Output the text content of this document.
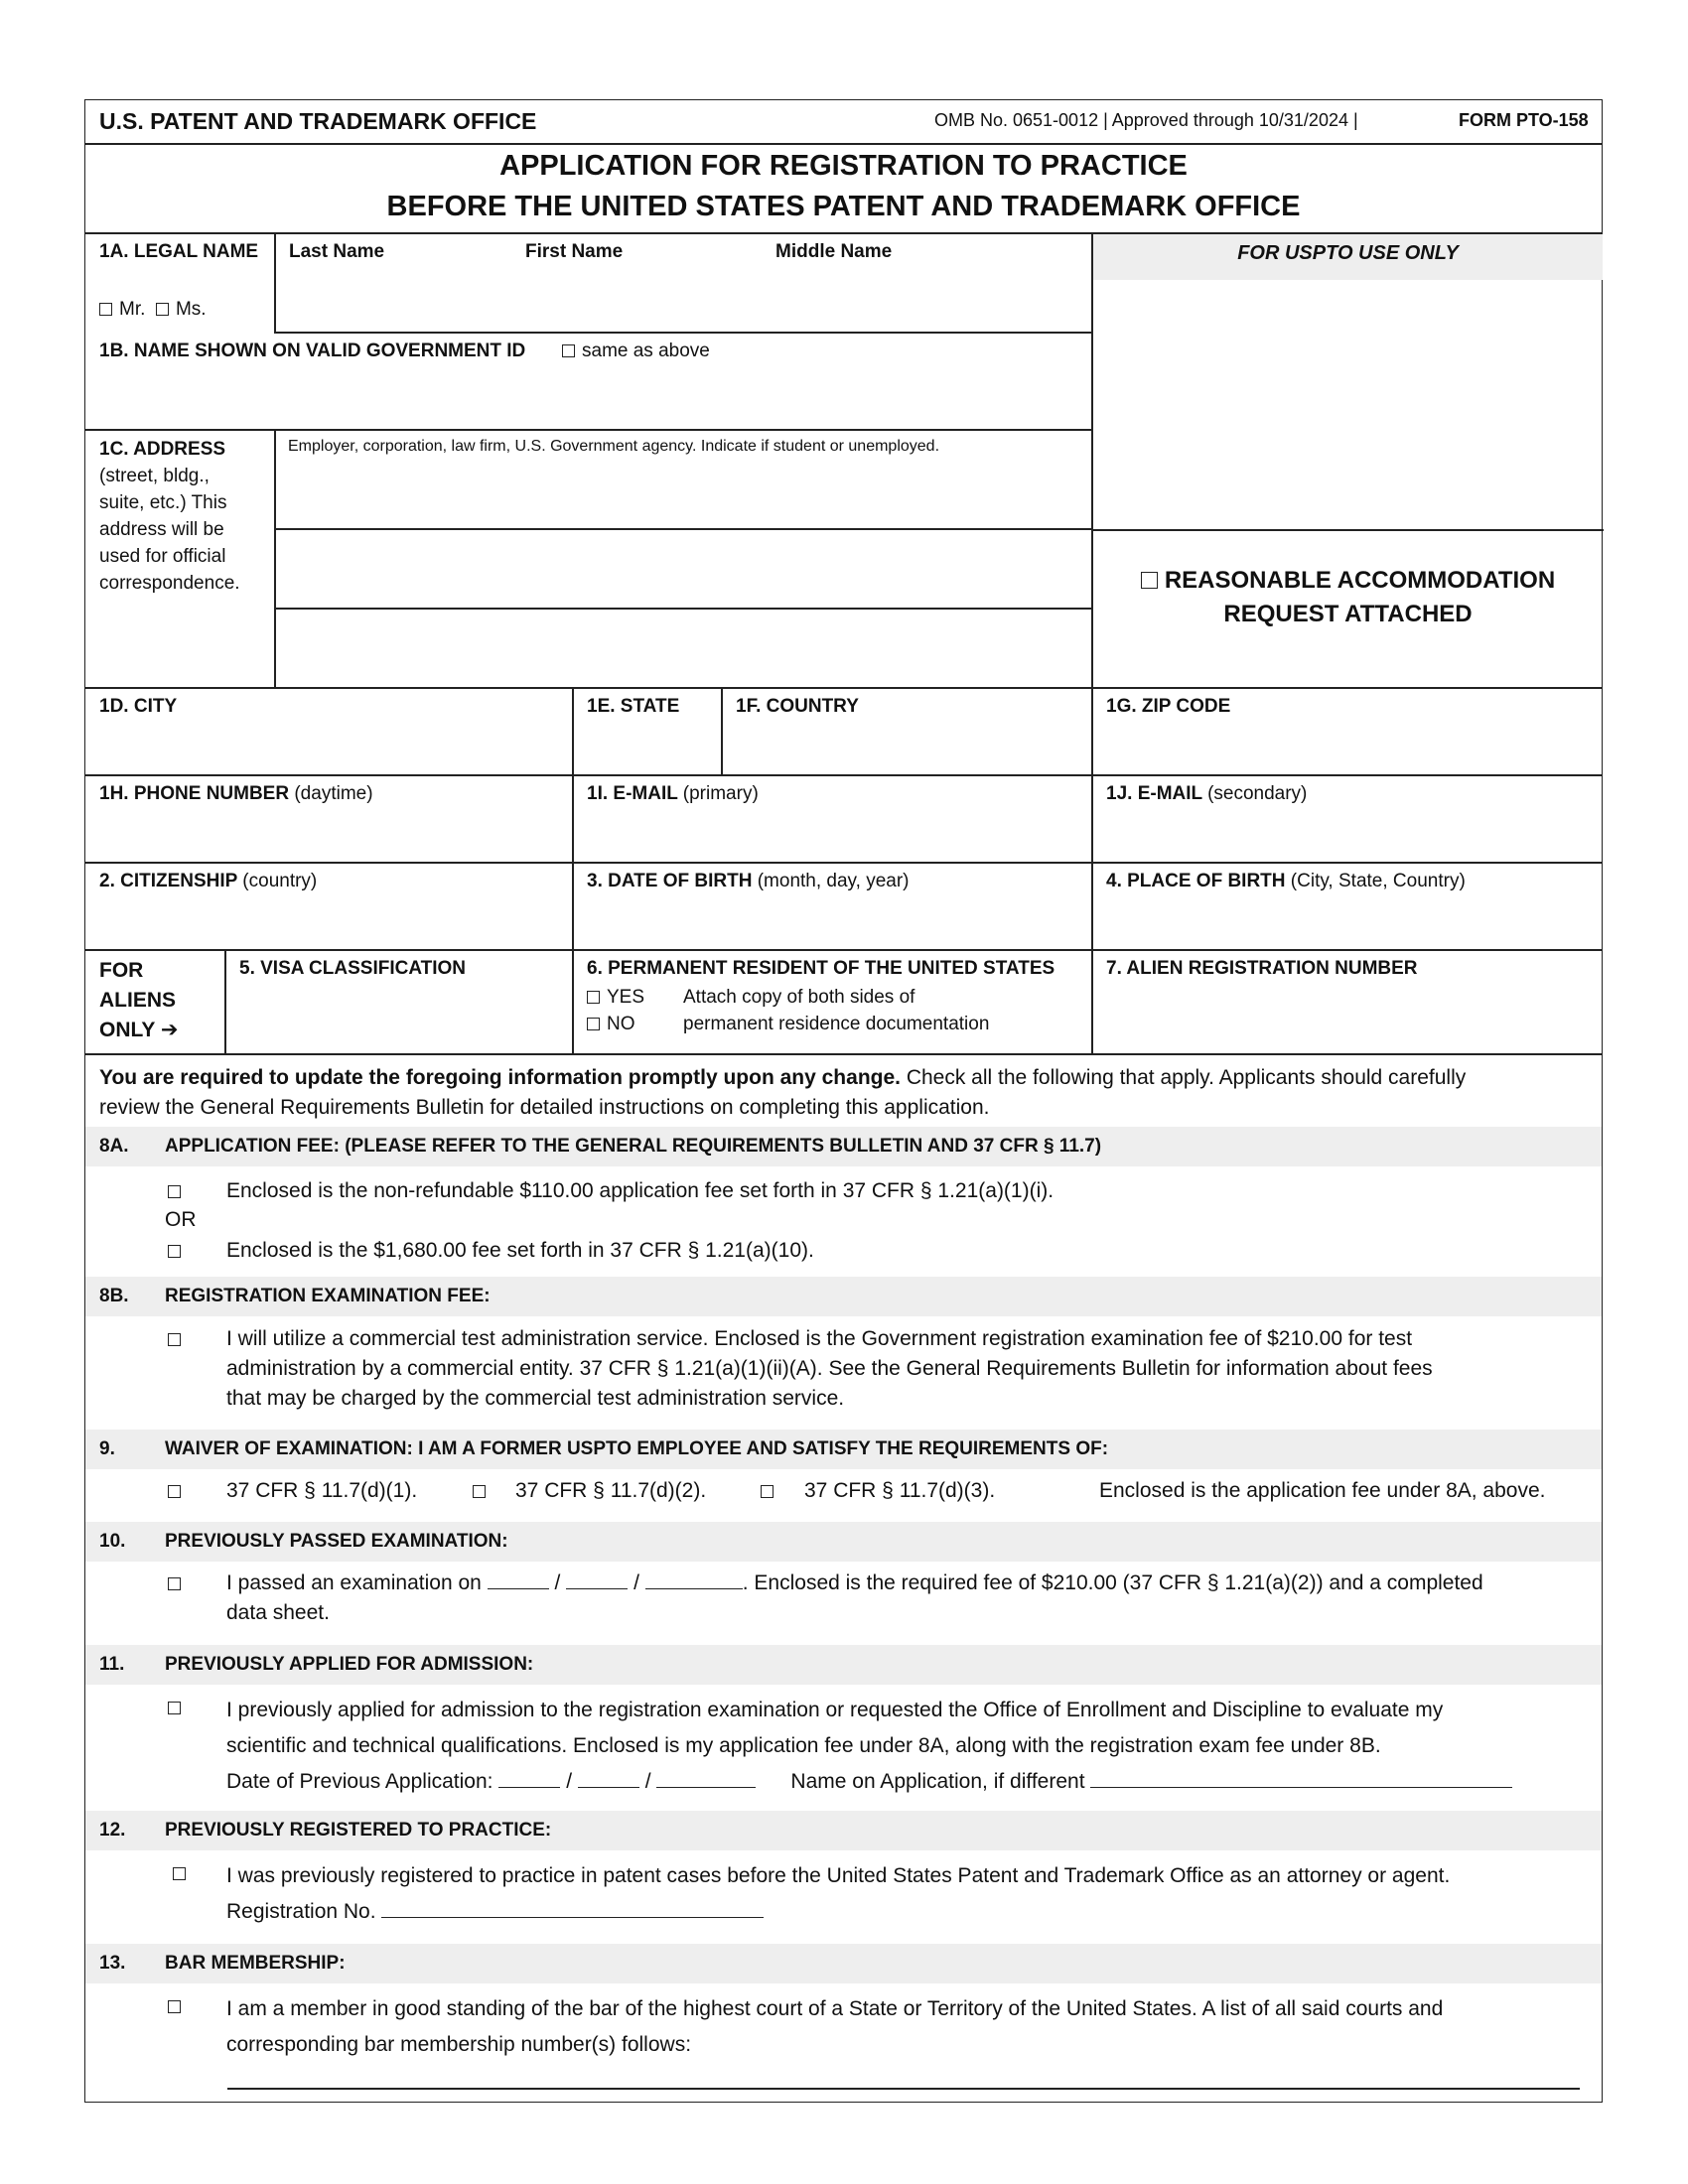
U.S. PATENT AND TRADEMARK OFFICE	OMB No. 0651-0012 | Approved through 10/31/2024 |	FORM PTO-158
APPLICATION FOR REGISTRATION TO PRACTICE
BEFORE THE UNITED STATES PATENT AND TRADEMARK OFFICE
FOR USPTO USE ONLY
1A. LEGAL NAME
Mr. Ms.
Last Name	First Name	Middle Name
1B. NAME SHOWN ON VALID GOVERNMENT ID	same as above
1C. ADDRESS
(street, bldg.,
suite, etc.) This
address will be
used for official
correspondence.
Employer, corporation, law firm, U.S. Government agency. Indicate if student or unemployed.
REASONABLE ACCOMMODATION
REQUEST ATTACHED
1D. CITY	1E. STATE	1F. COUNTRY	1G. ZIP CODE
1H. PHONE NUMBER (daytime)	1I. E-MAIL (primary)	1J. E-MAIL (secondary)
2. CITIZENSHIP (country)	3. DATE OF BIRTH (month, day, year)	4. PLACE OF BIRTH (City, State, Country)
FOR
ALIENS
ONLY ➔
5. VISA CLASSIFICATION	6. PERMANENT RESIDENT OF THE UNITED STATES
YES
NO
Attach copy of both sides of
permanent residence documentation
7. ALIEN REGISTRATION NUMBER
You are required to update the foregoing information promptly upon any change. Check all the following that apply. Applicants should carefully
review the General Requirements Bulletin for detailed instructions on completing this application.
8A. APPLICATION FEE: (PLEASE REFER TO THE GENERAL REQUIREMENTS BULLETIN AND 37 CFR § 11.7)
Enclosed is the non-refundable $110.00 application fee set forth in 37 CFR § 1.21(a)(1)(i).
OR
Enclosed is the $1,680.00 fee set forth in 37 CFR § 1.21(a)(10).
8B. REGISTRATION EXAMINATION FEE:
I will utilize a commercial test administration service. Enclosed is the Government registration examination fee of $210.00 for test
administration by a commercial entity. 37 CFR § 1.21(a)(1)(ii)(A). See the General Requirements Bulletin for information about fees
that may be charged by the commercial test administration service.
9.	WAIVER OF EXAMINATION: I AM A FORMER USPTO EMPLOYEE AND SATISFY THE REQUIREMENTS OF:
37 CFR § 11.7(d)(1).	37 CFR § 11.7(d)(2).	37 CFR § 11.7(d)(3).	Enclosed is the application fee under 8A, above.
10. PREVIOUSLY PASSED EXAMINATION:
I passed an examination on	/	/	. Enclosed is the required fee of $210.00 (37 CFR § 1.21(a)(2)) and a completed
data sheet.
11. PREVIOUSLY APPLIED FOR ADMISSION:
I previously applied for admission to the registration examination or requested the Office of Enrollment and Discipline to evaluate my
scientific and technical qualifications. Enclosed is my application fee under 8A, along with the registration exam fee under 8B.
Date of Previous Application:	/	/	Name on Application, if different
12. PREVIOUSLY REGISTERED TO PRACTICE:
I was previously registered to practice in patent cases before the United States Patent and Trademark Office as an attorney or agent.
Registration No.
13. BAR MEMBERSHIP:
I am a member in good standing of the bar of the highest court of a State or Territory of the United States. A list of all said courts and
corresponding bar membership number(s) follows:
